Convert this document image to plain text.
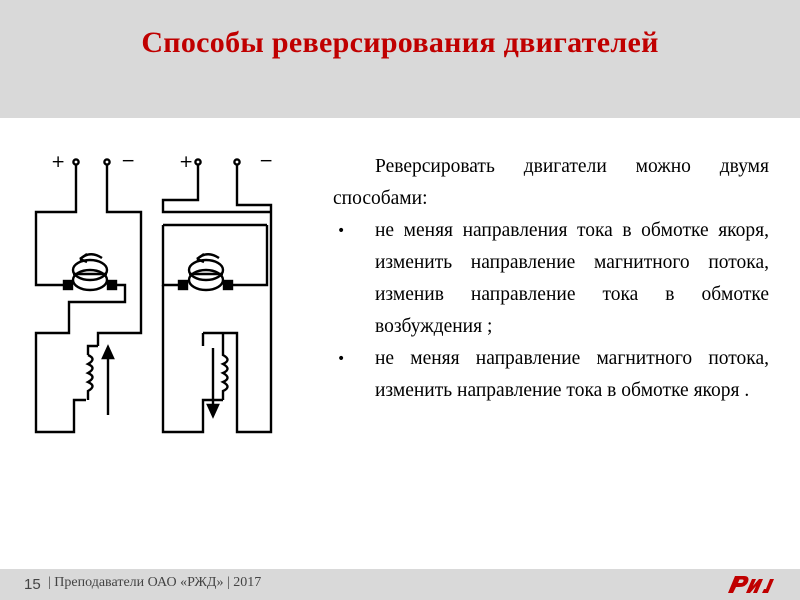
Способы реверсирования двигателей
+	−	+	−	Реверсировать двигатели можно двумя способами:

• не меняя направления тока в обмотке якоря, изменить направление магнитного потока, изменив направление тока в обмотке возбуждения ;
• не меняя направление магнитного потока, изменить направление тока в обмотке якоря .
15 | Преподаватели ОАО «РЖД» | 2017
